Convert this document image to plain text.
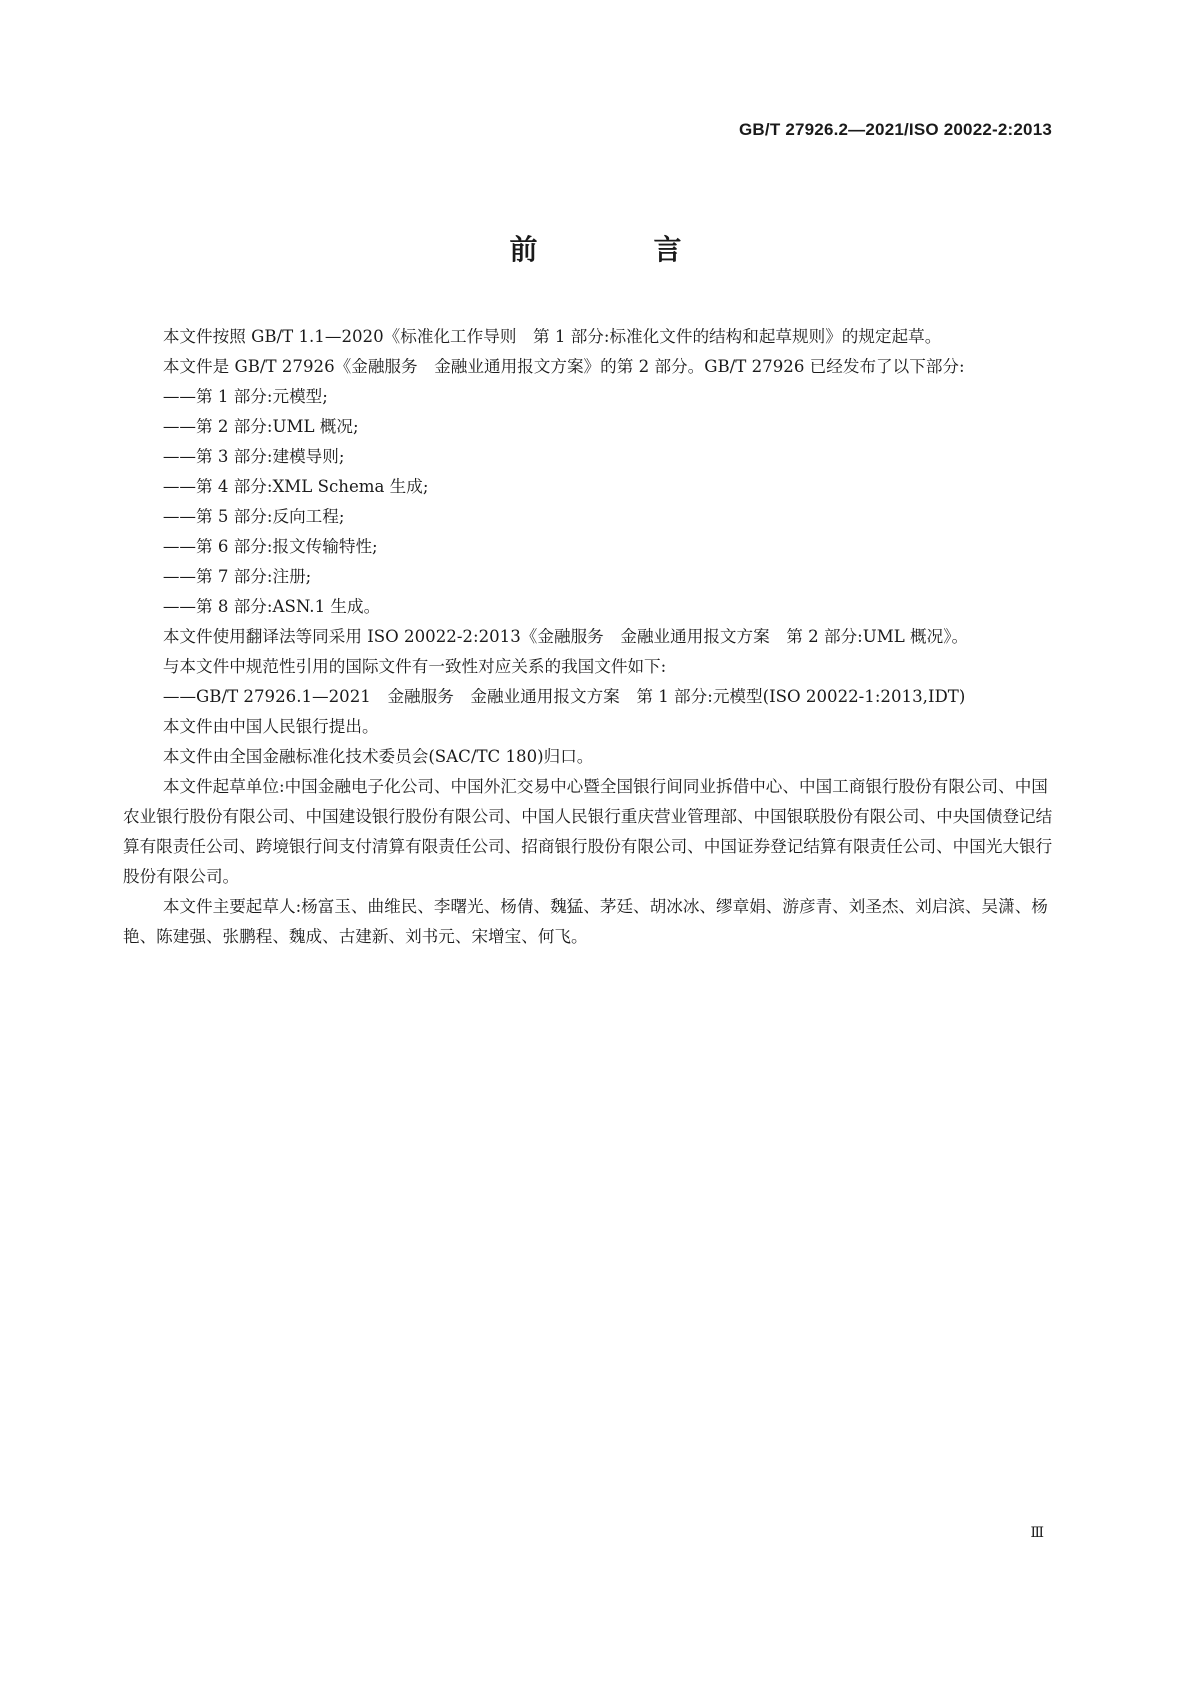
GB/T 27926.2—2021/ISO 20022-2:2013
前　言

本文件按照 GB/T 1.1—2020《标准化工作导则　第 1 部分:标准化文件的结构和起草规则》的规定起草。

本文件是 GB/T 27926《金融服务　金融业通用报文方案》的第 2 部分。GB/T 27926 已经发布了以下部分:

——第 1 部分:元模型;

——第 2 部分:UML 概况;

——第 3 部分:建模导则;

——第 4 部分:XML Schema 生成;

——第 5 部分:反向工程;

——第 6 部分:报文传输特性;

——第 7 部分:注册;

——第 8 部分:ASN.1 生成。

本文件使用翻译法等同采用 ISO 20022-2:2013《金融服务　金融业通用报文方案　第 2 部分:UML 概况》。

与本文件中规范性引用的国际文件有一致性对应关系的我国文件如下:

——GB/T 27926.1—2021　金融服务　金融业通用报文方案　第 1 部分:元模型(ISO 20022-1:2013,IDT)

本文件由中国人民银行提出。

本文件由全国金融标准化技术委员会(SAC/TC 180)归口。

本文件起草单位:中国金融电子化公司、中国外汇交易中心暨全国银行间同业拆借中心、中国工商银行股份有限公司、中国农业银行股份有限公司、中国建设银行股份有限公司、中国人民银行重庆营业管理部、中国银联股份有限公司、中央国债登记结算有限责任公司、跨境银行间支付清算有限责任公司、招商银行股份有限公司、中国证券登记结算有限责任公司、中国光大银行股份有限公司。

本文件主要起草人:杨富玉、曲维民、李曙光、杨倩、魏猛、茅廷、胡冰冰、缪章娟、游彦青、刘圣杰、刘启滨、吴潇、杨艳、陈建强、张鹏程、魏成、古建新、刘书元、宋增宝、何飞。

Ⅲ
